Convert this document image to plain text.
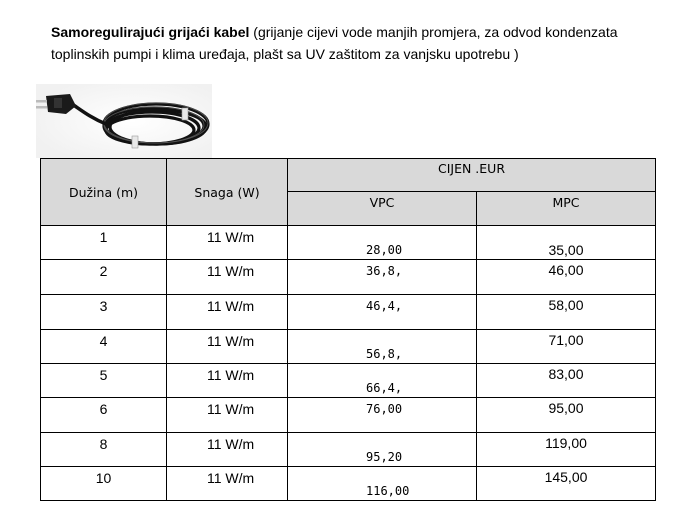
Samoregulirajući grijaći kabel (grijanje cijevi vode manjih promjera, za odvod kondenzata
toplinskih pumpi i klima uređaja, plašt sa UV zaštitom za vanjsku upotrebu )
Dužina (m)	Snaga (W)	CIJEN .EUR	
		VPC	MPC
1	11 W/m	28,00	35,00
2	11 W/m	36,8,	46,00
3	11 W/m	46,4,	58,00
4	11 W/m	56,8,	71,00
5	11 W/m	66,4,	83,00
6	11 W/m	76,00	95,00
8	11 W/m	95,20	119,00
10	11 W/m	116,00	145,00
